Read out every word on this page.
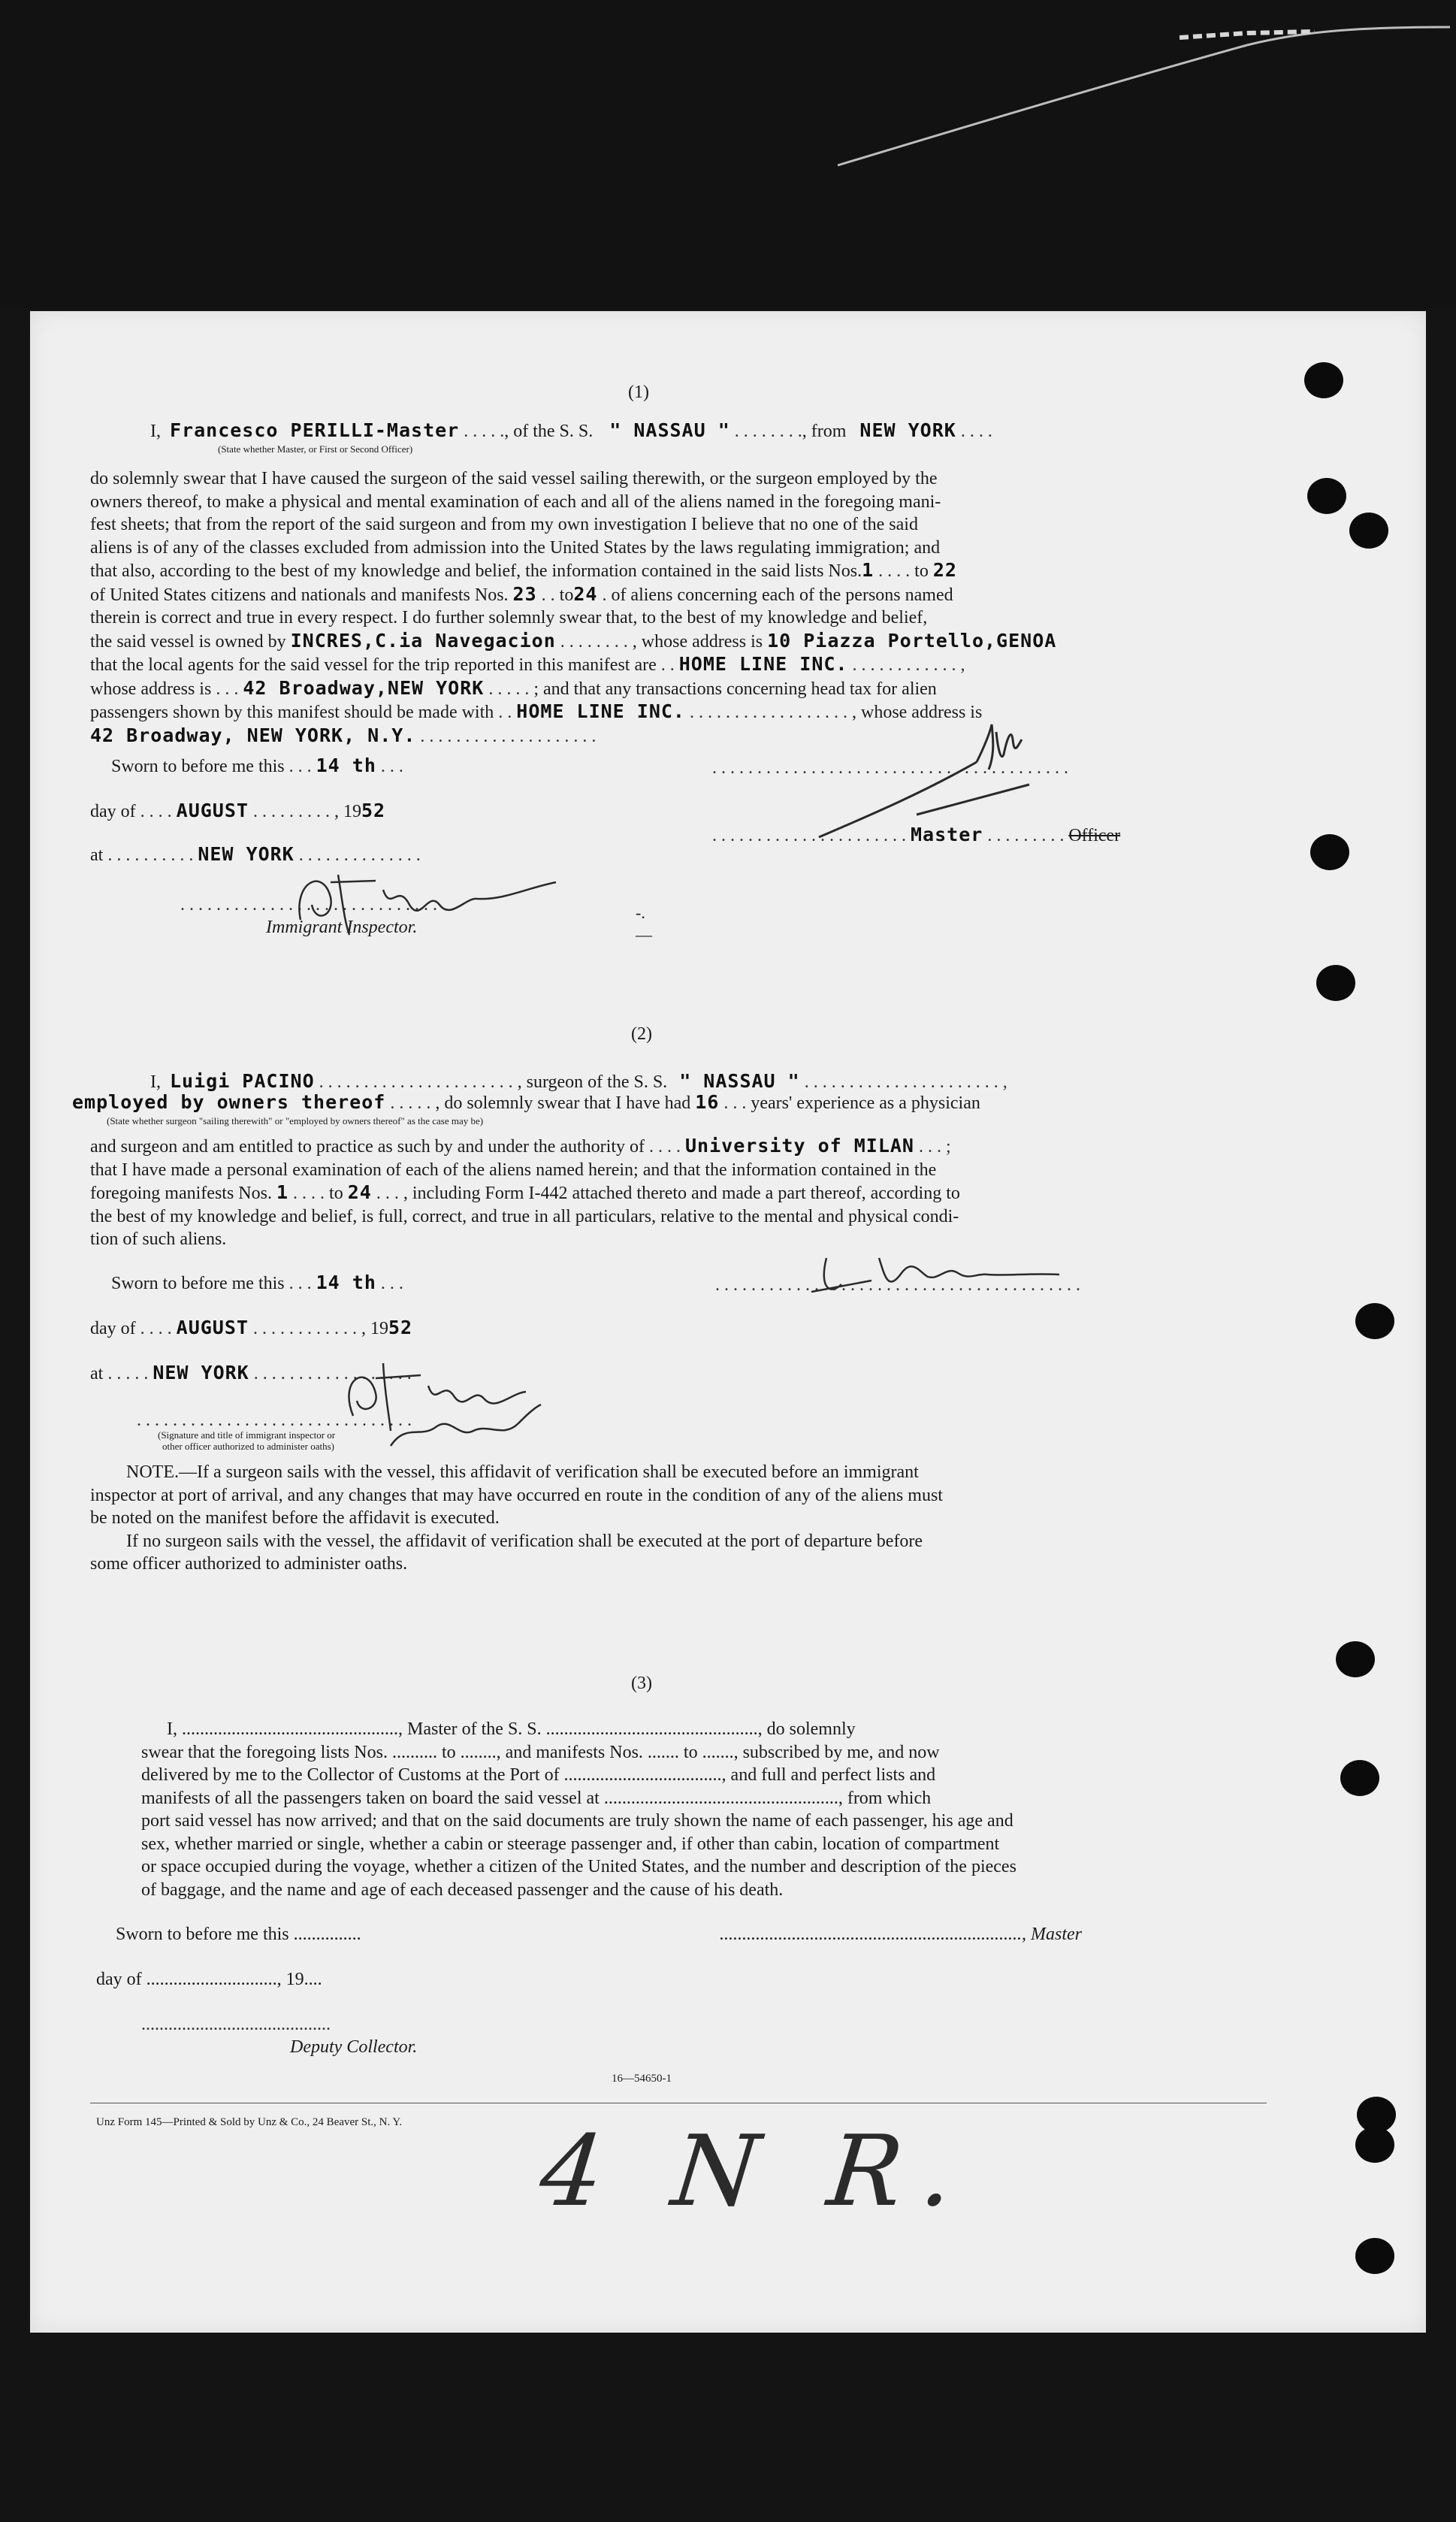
(1)
I, Francesco PERILLI-Master . . . . ., of the S. S. " NASSAU " . . . . . . . ., from NEW YORK . . . .
(State whether Master, or First or Second Officer)
do solemnly swear that I have caused the surgeon of the said vessel sailing therewith, or the surgeon employed by the
owners thereof, to make a physical and mental examination of each and all of the aliens named in the foregoing mani-
fest sheets; that from the report of the said surgeon and from my own investigation I believe that no one of the said
aliens is of any of the classes excluded from admission into the United States by the laws regulating immigration; and
that also, according to the best of my knowledge and belief, the information contained in the said lists Nos.1 . . . . to 22
of United States citizens and nationals and manifests Nos. 23 . . to24 . of aliens concerning each of the persons named
therein is correct and true in every respect. I do further solemnly swear that, to the best of my knowledge and belief,
the said vessel is owned by INCRES,C.ia Navegacion . . . . . . . . , whose address is 10 Piazza Portello,GENOA
that the local agents for the said vessel for the trip reported in this manifest are . . HOME LINE INC. . . . . . . . . . . . . ,
whose address is . . . 42 Broadway,NEW YORK . . . . . ; and that any transactions concerning head tax for alien
passengers shown by this manifest should be made with . . HOME LINE INC. . . . . . . . . . . . . . . . . . . , whose address is
42 Broadway, NEW YORK, N.Y. . . . . . . . . . . . . . . . . . . . .
Sworn to before me this . . . 14 th . . .
day of . . . . AUGUST . . . . . . . . . , 1952
at . . . . . . . . . . NEW YORK . . . . . . . . . . . . . .
. . . . . . . . . . . . . . . . . . . . . . . . . . . . .
Immigrant Inspector.
. . . . . . . . . . . . . . . . . . . . . . . . . . . . . . . . . . . . . . . .
. . . . . . . . . . . . . . . . . . . . . . Master . . . . . . . . . Officer
-.
—
(2)
I, Luigi PACINO . . . . . . . . . . . . . . . . . . . . . . , surgeon of the S. S. " NASSAU " . . . . . . . . . . . . . . . . . . . . . . ,
employed by owners thereof . . . . . , do solemnly swear that I have had 16 . . . years' experience as a physician
(State whether surgeon "sailing therewith" or "employed by owners thereof" as the case may be)
and surgeon and am entitled to practice as such by and under the authority of . . . . University of MILAN . . . ;
that I have made a personal examination of each of the aliens named herein; and that the information contained in the
foregoing manifests Nos. 1 . . . . to 24 . . . , including Form I-442 attached thereto and made a part thereof, according to
the best of my knowledge and belief, is full, correct, and true in all particulars, relative to the mental and physical condi-
tion of such aliens.
. . . . . . . . . . . . . . . . . . . . . . . . . . . . . . . . . . . . . . . . .
Sworn to before me this . . . 14 th . . .
day of . . . . AUGUST . . . . . . . . . . . . , 1952
at . . . . . NEW YORK . . . . . . . . . . . . . . . . . .
. . . . . . . . . . . . . . . . . . . . . . . . . . . . . . .
(Signature and title of immigrant inspector or
other officer authorized to administer oaths)
NOTE.—If a surgeon sails with the vessel, this affidavit of verification shall be executed before an immigrant
inspector at port of arrival, and any changes that may have occurred en route in the condition of any of the aliens must
be noted on the manifest before the affidavit is executed.
If no surgeon sails with the vessel, the affidavit of verification shall be executed at the port of departure before
some officer authorized to administer oaths.
(3)
I, ................................................, Master of the S. S. ..............................................., do solemnly
swear that the foregoing lists Nos. .......... to ........, and manifests Nos. ....... to ......., subscribed by me, and now
delivered by me to the Collector of Customs at the Port of ..................................., and full and perfect lists and
manifests of all the passengers taken on board the said vessel at ...................................................., from which
port said vessel has now arrived; and that on the said documents are truly shown the name of each passenger, his age and
sex, whether married or single, whether a cabin or steerage passenger and, if other than cabin, location of compartment
or space occupied during the voyage, whether a citizen of the United States, and the number and description of the pieces
of baggage, and the name and age of each deceased passenger and the cause of his death.
Sworn to before me this ...............	..................................................................., Master
day of ............................., 19....
..........................................
Deputy Collector.
16—54650-1
Unz Form 145—Printed & Sold by Unz & Co., 24 Beaver St., N. Y. 4 N R.
